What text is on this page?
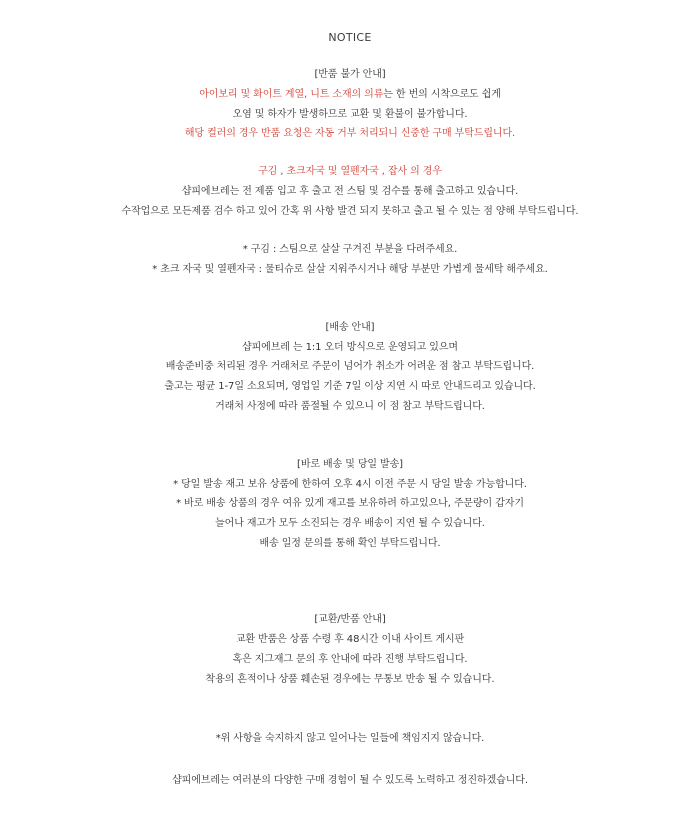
NOTICE
[반품 불가 안내]
아이보리 및 화이트 계열, 니트 소재의 의류는 한 번의 시착으로도 쉽게
오염 및 하자가 발생하므로 교환 및 환불이 불가합니다.
해당 컬러의 경우 반품 요청은 자동 거부 처리되니 신중한 구매 부탁드립니다.
구김 , 초크자국 및 열펜자국 , 잡사 의 경우
샵피에브레는 전 제품 입고 후 출고 전 스팀 및 검수를 통해 출고하고 있습니다.
수작업으로 모든제품 검수 하고 있어 간혹 위 사항 발견 되지 못하고 출고 될 수 있는 점 양해 부탁드립니다.
* 구김 : 스팀으로 살살 구겨진 부분을 다려주세요.
* 초크 자국 및 열펜자국 : 물티슈로 살살 지워주시거나 해당 부분만 가볍게 물세탁 해주세요.
[배송 안내]
샵피에브레 는 1:1 오더 방식으로 운영되고 있으며
배송준비중 처리된 경우 거래처로 주문이 넘어가 취소가 어려운 점 참고 부탁드립니다.
출고는 평균 1-7일 소요되며, 영업일 기준 7일 이상 지연 시 따로 안내드리고 있습니다.
거래처 사정에 따라 품절될 수 있으니 이 점 참고 부탁드립니다.
[바로 배송 및 당일 발송]
* 당일 발송 재고 보유 상품에 한하여 오후 4시 이전 주문 시 당일 발송 가능합니다.
* 바로 배송 상품의 경우 여유 있게 재고를 보유하려 하고있으나, 주문량이 갑자기
늘어나 재고가 모두 소진되는 경우 배송이 지연 될 수 있습니다.
배송 일정 문의를 통해 확인 부탁드립니다.
[교환/반품 안내]
교환 반품은 상품 수령 후 48시간 이내 사이트 게시판
혹은 지그재그 문의 후 안내에 따라 진행 부탁드립니다.
착용의 흔적이나 상품 훼손된 경우에는 무통보 반송 될 수 있습니다.
*위 사항을 숙지하지 않고 일어나는 일들에 책임지지 않습니다.
샵피에브레는 여러분의 다양한 구매 경험이 될 수 있도록 노력하고 정진하겠습니다.
